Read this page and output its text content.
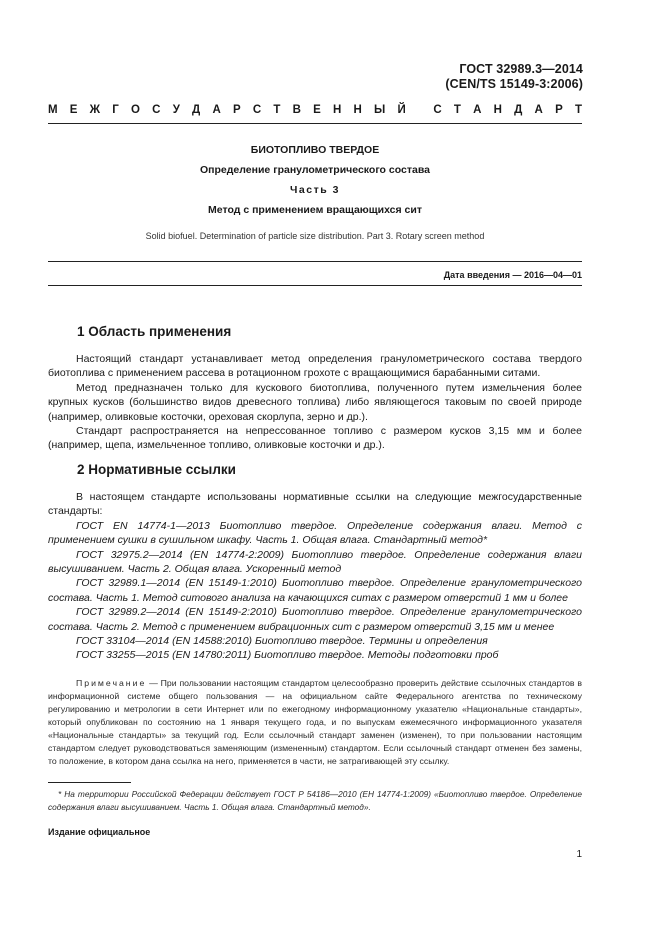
ГОСТ 32989.3—2014
(CEN/TS 15149-3:2006)
М Е Ж Г О С У Д А Р С Т В Е Н Н Ы Й
С Т А Н Д А Р Т
БИОТОПЛИВО ТВЕРДОЕ
Определение гранулометрического состава
Часть 3
Метод с применением вращающихся сит
Solid biofuel. Determination of particle size distribution. Part 3. Rotary screen method
Дата введения — 2016—04—01
1 Область применения

Настоящий стандарт устанавливает метод определения гранулометрического состава твердого биотоплива с применением рассева в ротационном грохоте с вращающимися барабанными ситами.

Метод предназначен только для кускового биотоплива, полученного путем измельчения более крупных кусков (большинство видов древесного топлива) либо являющегося таковым по своей природе (например, оливковые косточки, ореховая скорлупа, зерно и др.).

Стандарт распространяется на непрессованное топливо с размером кусков 3,15 мм и более (например, щепа, измельченное топливо, оливковые косточки и др.).

2 Нормативные ссылки

В настоящем стандарте использованы нормативные ссылки на следующие межгосударственные стандарты:

ГОСТ EN 14774-1—2013 Биотопливо твердое. Определение содержания влаги. Метод с применением сушки в сушильном шкафу. Часть 1. Общая влага. Стандартный метод*

ГОСТ 32975.2—2014 (EN 14774-2:2009) Биотопливо твердое. Определение содержания влаги высушиванием. Часть 2. Общая влага. Ускоренный метод

ГОСТ 32989.1—2014 (EN 15149-1:2010) Биотопливо твердое. Определение гранулометрического состава. Часть 1. Метод ситового анализа на качающихся ситах с размером отверстий 1 мм и более

ГОСТ 32989.2—2014 (EN 15149-2:2010) Биотопливо твердое. Определение гранулометрического состава. Часть 2. Метод с применением вибрационных сит с размером отверстий 3,15 мм и менее

ГОСТ 33104—2014 (EN 14588:2010) Биотопливо твердое. Термины и определения

ГОСТ 33255—2015 (EN 14780:2011) Биотопливо твердое. Методы подготовки проб

Примечание — При пользовании настоящим стандартом целесообразно проверить действие ссылочных стандартов в информационной системе общего пользования — на официальном сайте Федерального агентства по техническому регулированию и метрологии в сети Интернет или по ежегодному информационному указателю «Национальные стандарты», который опубликован по состоянию на 1 января текущего года, и по выпускам ежемесячного информационного указателя «Национальные стандарты» за текущий год. Если ссылочный стандарт заменен (изменен), то при пользовании настоящим стандартом следует руководствоваться заменяющим (измененным) стандартом. Если ссылочный стандарт отменен без замены, то положение, в котором дана ссылка на него, применяется в части, не затрагивающей эту ссылку.

* На территории Российской Федерации действует ГОСТ Р 54186—2010 (ЕН 14774-1:2009) «Биотопливо твердое. Определение содержания влаги высушиванием. Часть 1. Общая влага. Стандартный метод».

Издание официальное
1
